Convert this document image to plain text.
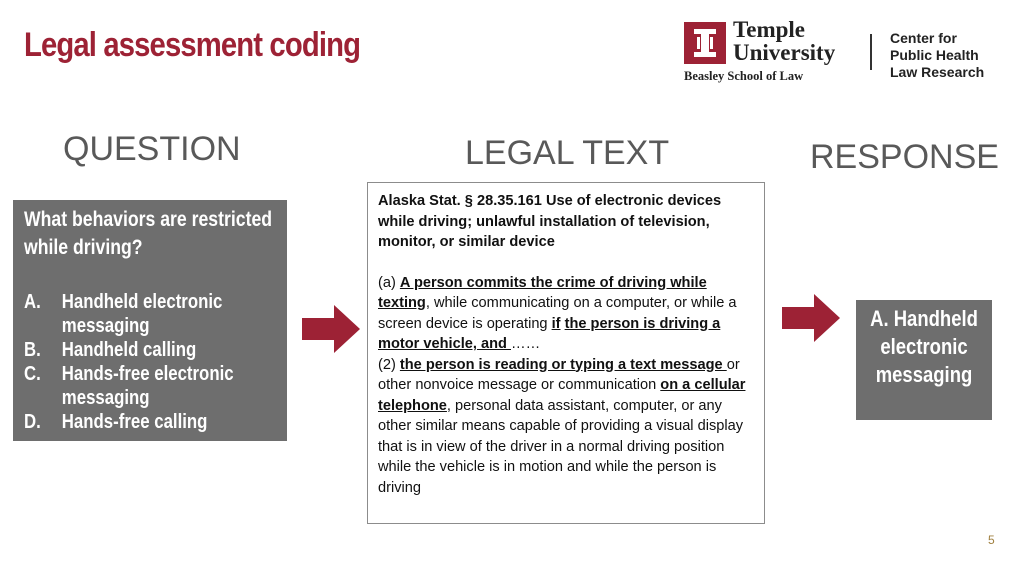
Legal assessment coding	Temple
University
Beasley School of Law
Center for
Public Health
Law Research
QUESTION	LEGAL TEXT	RESPONSE
What behaviors are restricted while driving?
A.	Handheld electronic messaging
B.	Handheld calling
C.	Hands-free electronic messaging
D.	Hands-free calling

Alaska Stat. § 28.35.161 Use of electronic devices while driving; unlawful installation of television, monitor, or similar device

(a) A person commits the crime of driving while texting, while communicating on a computer, or while a screen device is operating if the person is driving a motor vehicle, and ……
(2) the person is reading or typing a text message or other nonvoice message or communication on a cellular telephone, personal data assistant, computer, or any other similar means capable of providing a visual display that is in view of the driver in a normal driving position while the vehicle is in motion and while the person is driving

A. Handheld electronic messaging
5
